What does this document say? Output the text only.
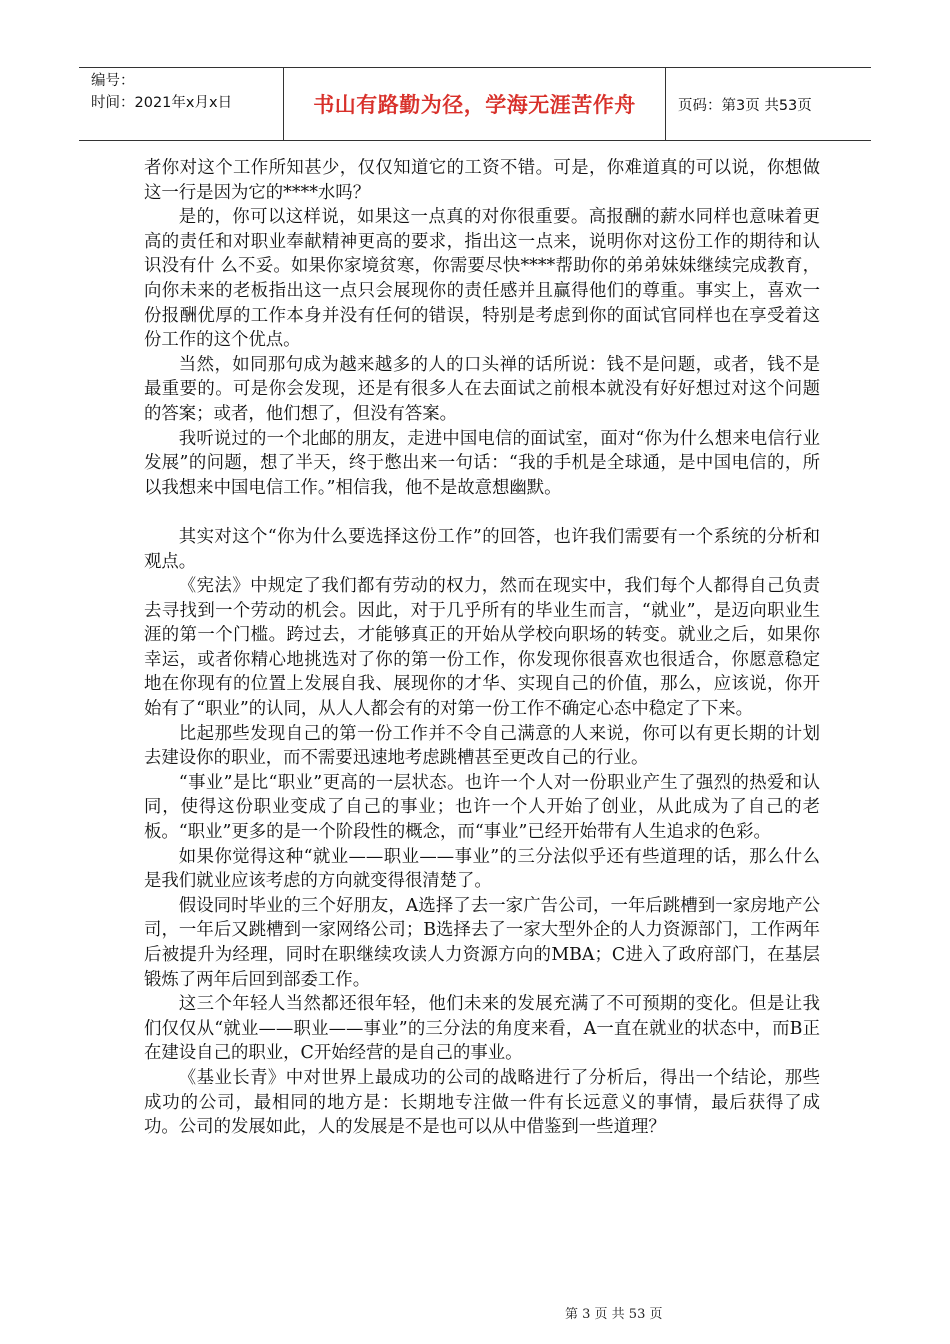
编号：
时间：2021年x月x日	书山有路勤为径，学海无涯苦作舟	页码：第3页 共53页

者你对这个工作所知甚少，仅仅知道它的工资不错。可是，你难道真的可以说，你想做这一行是因为它的****水吗？

是的，你可以这样说，如果这一点真的对你很重要。高报酬的薪水同样也意味着更高的责任和对职业奉献精神更高的要求，指出这一点来，说明你对这份工作的期待和认识没有什 么不妥。如果你家境贫寒，你需要尽快****帮助你的弟弟妹妹继续完成教育，向你未来的老板指出这一点只会展现你的责任感并且赢得他们的尊重。事实上，喜欢一份报酬优厚的工作本身并没有任何的错误，特别是考虑到你的面试官同样也在享受着这份工作的这个优点。

当然，如同那句成为越来越多的人的口头禅的话所说：钱不是问题，或者，钱不是最重要的。可是你会发现，还是有很多人在去面试之前根本就没有好好想过对这个问题的答案；或者，他们想了，但没有答案。

我听说过的一个北邮的朋友，走进中国电信的面试室，面对“你为什么想来电信行业发展”的问题，想了半天，终于憋出来一句话：“我的手机是全球通，是中国电信的，所以我想来中国电信工作。”相信我，他不是故意想幽默。

其实对这个“你为什么要选择这份工作”的回答，也许我们需要有一个系统的分析和观点。

《宪法》中规定了我们都有劳动的权力，然而在现实中，我们每个人都得自己负责去寻找到一个劳动的机会。因此，对于几乎所有的毕业生而言，“就业”，是迈向职业生涯的第一个门槛。跨过去，才能够真正的开始从学校向职场的转变。就业之后，如果你幸运，或者你精心地挑选对了你的第一份工作，你发现你很喜欢也很适合，你愿意稳定地在你现有的位置上发展自我、展现你的才华、实现自己的价值，那么，应该说，你开始有了“职业”的认同，从人人都会有的对第一份工作不确定心态中稳定了下来。

比起那些发现自己的第一份工作并不令自己满意的人来说，你可以有更长期的计划去建设你的职业，而不需要迅速地考虑跳槽甚至更改自己的行业。

“事业”是比“职业”更高的一层状态。也许一个人对一份职业产生了强烈的热爱和认同，使得这份职业变成了自己的事业；也许一个人开始了创业，从此成为了自己的老板。“职业”更多的是一个阶段性的概念，而“事业”已经开始带有人生追求的色彩。

如果你觉得这种“就业——职业——事业”的三分法似乎还有些道理的话，那么什么是我们就业应该考虑的方向就变得很清楚了。

假设同时毕业的三个好朋友，A选择了去一家广告公司，一年后跳槽到一家房地产公司，一年后又跳槽到一家网络公司；B选择去了一家大型外企的人力资源部门，工作两年后被提升为经理，同时在职继续攻读人力资源方向的MBA；C进入了政府部门，在基层锻炼了两年后回到部委工作。

这三个年轻人当然都还很年轻，他们未来的发展充满了不可预期的变化。但是让我们仅仅从“就业——职业——事业”的三分法的角度来看，A一直在就业的状态中，而B正在建设自己的职业，C开始经营的是自己的事业。

《基业长青》中对世界上最成功的公司的战略进行了分析后，得出一个结论，那些成功的公司，最相同的地方是：长期地专注做一件有长远意义的事情，最后获得了成功。公司的发展如此，人的发展是不是也可以从中借鉴到一些道理？

第 3 页 共 53 页
